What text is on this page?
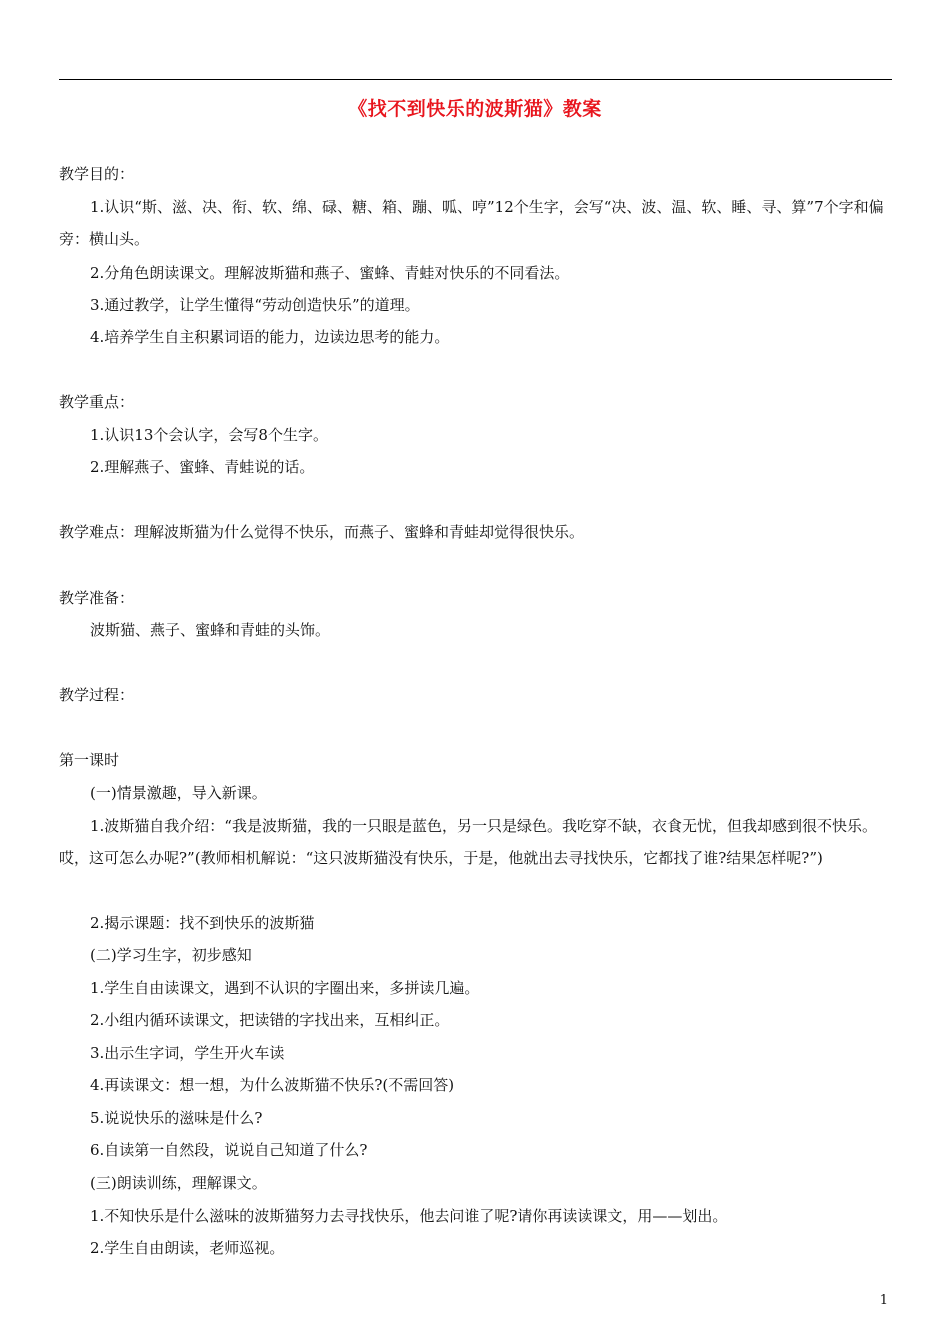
《找不到快乐的波斯猫》教案
教学目的：
1.认识“斯、滋、决、衔、软、绵、碌、糖、箱、蹦、呱、哼”12个生字，会写“决、波、温、软、睡、寻、算”7个字和偏旁：横山头。
2.分角色朗读课文。理解波斯猫和燕子、蜜蜂、青蛙对快乐的不同看法。
3.通过教学，让学生懂得“劳动创造快乐”的道理。
4.培养学生自主积累词语的能力，边读边思考的能力。
教学重点：
1.认识13个会认字，会写8个生字。
2.理解燕子、蜜蜂、青蛙说的话。
教学难点：理解波斯猫为什么觉得不快乐，而燕子、蜜蜂和青蛙却觉得很快乐。
教学准备：
波斯猫、燕子、蜜蜂和青蛙的头饰。
教学过程：
第一课时
(一)情景激趣，导入新课。
1.波斯猫自我介绍：“我是波斯猫，我的一只眼是蓝色，另一只是绿色。我吃穿不缺，衣食无忧，但我却感到很不快乐。哎，这可怎么办呢?”(教师相机解说：“这只波斯猫没有快乐，于是，他就出去寻找快乐，它都找了谁?结果怎样呢?”)
2.揭示课题：找不到快乐的波斯猫
(二)学习生字，初步感知
1.学生自由读课文，遇到不认识的字圈出来，多拼读几遍。
2.小组内循环读课文，把读错的字找出来，互相纠正。
3.出示生字词，学生开火车读
4.再读课文：想一想，为什么波斯猫不快乐?(不需回答)
5.说说快乐的滋味是什么?
6.自读第一自然段，说说自己知道了什么?
(三)朗读训练，理解课文。
1.不知快乐是什么滋味的波斯猫努力去寻找快乐，他去问谁了呢?请你再读读课文，用——划出。
2.学生自由朗读，老师巡视。
1
